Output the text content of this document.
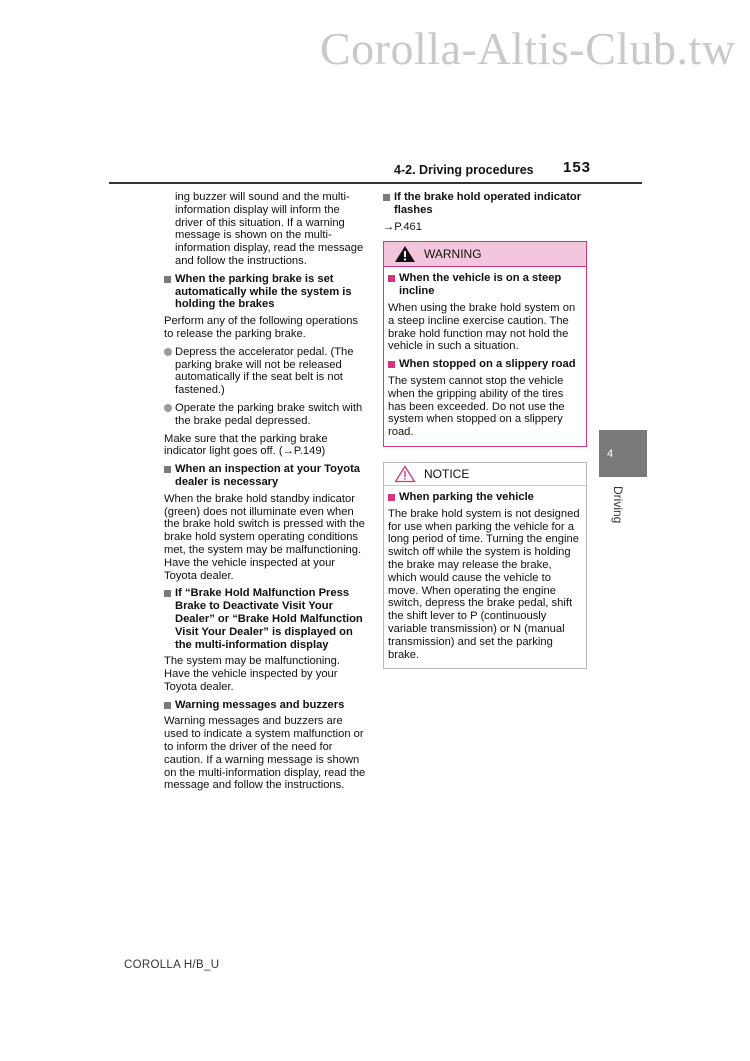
Corolla-Altis-Club.tw
4-2. Driving procedures 153

ing buzzer will sound and the multi-information display will inform the driver of this situation. If a warning message is shown on the multi-information display, read the message and follow the instructions.

When the parking brake is set automatically while the system is holding the brakes

Perform any of the following operations to release the parking brake.

Depress the accelerator pedal. (The parking brake will not be released automatically if the seat belt is not fastened.)
Operate the parking brake switch with the brake pedal depressed.

Make sure that the parking brake indicator light goes off. (→P.149)

When an inspection at your Toyota dealer is necessary

When the brake hold standby indicator (green) does not illuminate even when the brake hold switch is pressed with the brake hold system operating conditions met, the system may be malfunctioning. Have the vehicle inspected at your Toyota dealer.

If “Brake Hold Malfunction Press Brake to Deactivate Visit Your Dealer” or “Brake Hold Malfunction Visit Your Dealer” is displayed on the multi-information display

The system may be malfunctioning. Have the vehicle inspected by your Toyota dealer.

Warning messages and buzzers

Warning messages and buzzers are used to indicate a system malfunction or to inform the driver of the need for caution. If a warning message is shown on the multi-information display, read the message and follow the instructions.

If the brake hold operated indicator flashes

→P.461

WARNING
When the vehicle is on a steep incline

When using the brake hold system on a steep incline exercise caution. The brake hold function may not hold the vehicle in such a situation.

When stopped on a slippery road

The system cannot stop the vehicle when the gripping ability of the tires has been exceeded. Do not use the system when stopped on a slippery road.

NOTICE
When parking the vehicle

The brake hold system is not designed for use when parking the vehicle for a long period of time. Turning the engine switch off while the system is holding the brake may release the brake, which would cause the vehicle to move. When operating the engine switch, depress the brake pedal, shift the shift lever to P (continuously variable transmission) or N (manual transmission) and set the parking brake.

4
Driving
COROLLA H/B_U
